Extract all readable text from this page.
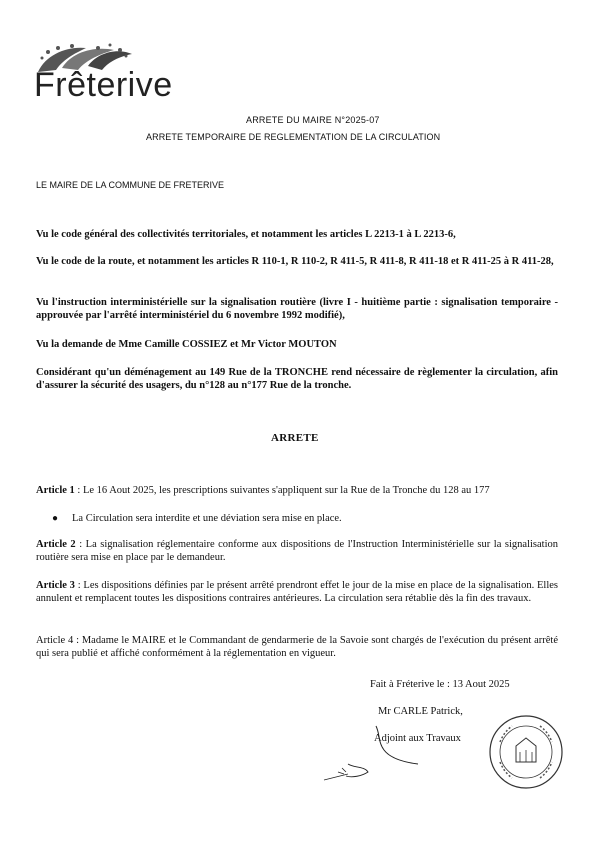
Frêterive
ARRETE DU MAIRE N°2025-07
ARRETE TEMPORAIRE DE REGLEMENTATION DE LA CIRCULATION
LE MAIRE DE LA COMMUNE DE FRETERIVE
Vu le code général des collectivités territoriales, et notamment les articles L 2213-1 à L 2213-6,
Vu le code de la route, et notamment les articles R 110-1, R 110-2, R 411-5, R 411-8, R 411-18 et R 411-25 à R 411-28,
Vu l'instruction interministérielle sur la signalisation routière (livre I - huitième partie : signalisation temporaire - approuvée par l'arrêté interministériel du 6 novembre 1992 modifié),
Vu la demande de Mme Camille COSSIEZ et Mr Victor MOUTON
Considérant qu'un déménagement au 149 Rue de la TRONCHE rend nécessaire de règlementer la circulation, afin d'assurer la sécurité des usagers, du n°128 au n°177 Rue de la tronche.
ARRETE
Article 1 : Le 16 Aout 2025, les prescriptions suivantes s'appliquent sur la Rue de la Tronche du 128 au 177
● La Circulation sera interdite et une déviation sera mise en place.
Article 2 : La signalisation réglementaire conforme aux dispositions de l'Instruction Interministérielle sur la signalisation routière sera mise en place par le demandeur.
Article 3 : Les dispositions définies par le présent arrêté prendront effet le jour de la mise en place de la signalisation. Elles annulent et remplacent toutes les dispositions contraires antérieures. La circulation sera rétablie dès la fin des travaux.
Article 4 : Madame le MAIRE et le Commandant de gendarmerie de la Savoie sont chargés de l'exécution du présent arrêté qui sera publié et affiché conformément à la réglementation en vigueur.
Fait à Fréterive le : 13 Aout 2025
Mr CARLE Patrick,
Adjoint aux Travaux
